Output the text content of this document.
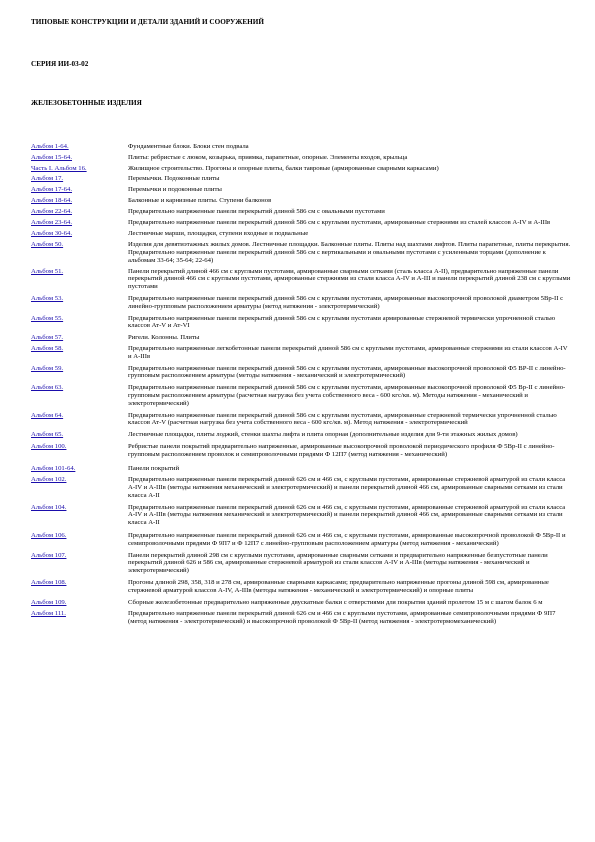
ТИПОВЫЕ КОНСТРУКЦИИ И ДЕТАЛИ ЗДАНИЙ И СООРУЖЕНИЙ
СЕРИЯ ИИ-03-02
ЖЕЛЕЗОБЕТОННЫЕ ИЗДЕЛИЯ
Альбом 1-64.	Фундаментные блоки. Блоки стен подвала
Альбом 15-64.	Плиты: ребристые с люком, козырька, приямка, парапетные, опорные. Элементы входов, крыльца
Часть I. Альбом 16.	Жилищное строительство. Прогоны и опорные плиты, балки тавровые (армированные сварными каркасами)
Альбом 17.	Перемычки. Подоконные плиты
Альбом 17-64.	Перемычки и подоконные плиты
Альбом 18-64.	Балконные и карнизные плиты. Ступени балконов
Альбом 22-64.	Предварительно напряженные панели перекрытий длиной 586 см с овальными пустотами
Альбом 23-64.	Предварительно напряженные панели перекрытий длиной 586 см с круглыми пустотами, армированные стержнями из сталей классов А-IV и А-IIIв
Альбом 30-64.	Лестничные марши, площадки, ступени входные и подвальные
Альбом 50.	Изделия для девятиэтажных жилых домов. Лестничные площадки. Балконные плиты. Плиты над шахтами лифтов. Плиты парапетные, плиты перекрытия. Предварительно напряженные панели перекрытий длиной 586 см с вертикальными и овальными пустотами с усиленными торцами (дополнение к альбомам 33-64; 35-64; 22-64)
Альбом 51.	Панели перекрытий длиной 466 см с круглыми пустотами, армированные сварными сетками (сталь класса А-II), предварительно напряженные панели перекрытий длиной 466 см с круглыми пустотами, армированные стержнями из стали класса А-IV и А-III и панели перекрытий длиной 238 см с круглыми пустотами
Альбом 53.	Предварительно напряженные панели перекрытий длиной 586 см с круглыми пустотами, армированные высокопрочной проволокой диаметром 5Вр-II с линейно-групповым расположением арматуры (метод натяжения - электротермический)
Альбом 55.	Предварительно напряженные панели перекрытий длиной 586 см с круглыми пустотами армированные стержневой термически упрочненной сталью классов Ат-V и Ат-VI
Альбом 57.	Ригели. Колонны. Плиты
Альбом 58.	Предварительно напряженные легкобетонные панели перекрытий длиной 586 см с круглыми пустотами, армированные стержнями из стали классов А-IV и А-IIIв
Альбом 59.	Предварительно напряженные панели перекрытий длиной 586 см с круглыми пустотами, армированные высокопрочной проволокой Ф5 ВР-II с линейно-групповым расположением арматуры (методы натяжения - механический и электротермический)
Альбом 63.	Предварительно напряженные панели перекрытий длиной 586 см с круглыми пустотами, армированные высокопрочной проволокой Ф5 Вр-II с линейно-групповым расположением арматуры (расчетная нагрузка без учета собственного веса - 600 кгс/кв. м). Методы натяжения - механический и электротермический)
Альбом 64.	Предварительно напряженные панели перекрытий длиной 586 см с круглыми пустотами, армированные стержневой термически упрочненной сталью классов Ат-V (расчетная нагрузка без учета собственного веса - 600 кгс/кв. м). Метод натяжения - электротермический
Альбом 65.	Лестничные площадки, плиты лоджий, стенки шахты лифта и плита опорная (дополнительные изделия для 9-ти этажных жилых домов)
Альбом 100.	Ребристые панели покрытий предварительно напряженные, армированные высокопрочной проволокой периодического профиля Ф 5Вр-II с линейно-групповым расположением проволок и семипроволочными прядями Ф 12П7 (метод натяжения - механический)
Альбом 101-64.	Панели покрытий
Альбом 102.	Предварительно напряженные панели перекрытий длиной 626 см и 466 см, с круглыми пустотами, армированные стержневой арматурой из стали класса А-IV и А-IIIв (методы натяжения механический и электротермический) и панели перекрытий длиной 466 см, армированные сварными сетками из стали класса А-II
Альбом 104.	Предварительно напряженные панели перекрытий длиной 626 см и 466 см, с круглыми пустотами, армированные стержневой арматурой из стали класса А-IV и А-IIIв (методы натяжения механический и электротермический) и панели перекрытий длиной 466 см, армированные сварными сетками из стали класса А-II
Альбом 106.	Предварительно напряженные панели перекрытий длиной 626 см и 466 см, с круглыми пустотами, армированные высокопрочной проволокой Ф 5Вр-II и семипроволочными прядями Ф 9П7 и Ф 12П7 с линейно-групповым расположением арматуры (метод натяжения - механический)
Альбом 107.	Панели перекрытий длиной 298 см с круглыми пустотами, армированные сварными сетками и предварительно напряженные безпустотные панели перекрытий длиной 626 и 586 см, армированные стержневой арматурой из стали классов А-IV и А-IIIв (методы натяжения - механический и электротермический)
Альбом 108.	Прогоны длиной 298, 358, 318 и 278 см, армированные сварными каркасами; предварительно напряженные прогоны длиной 598 см, армированные стержневой арматурой классов А-IV, А-IIIв (методы натяжения - механический и электротермический) и опорные плиты
Альбом 109.	Сборные железобетонные предварительно напряженные двускатные балки с отверстиями для покрытия зданий пролетом 15 м с шагом балок 6 м
Альбом 111.	Предварительно напряженные панели перекрытий длиной 626 см и 466 см с круглыми пустотами, армированные семипроволочными прядями Ф 9П7 (метод натяжения - электротермический) и высокопрочной проволокой Ф 5Вр-II (метод натяжения - электротермомеханический)
